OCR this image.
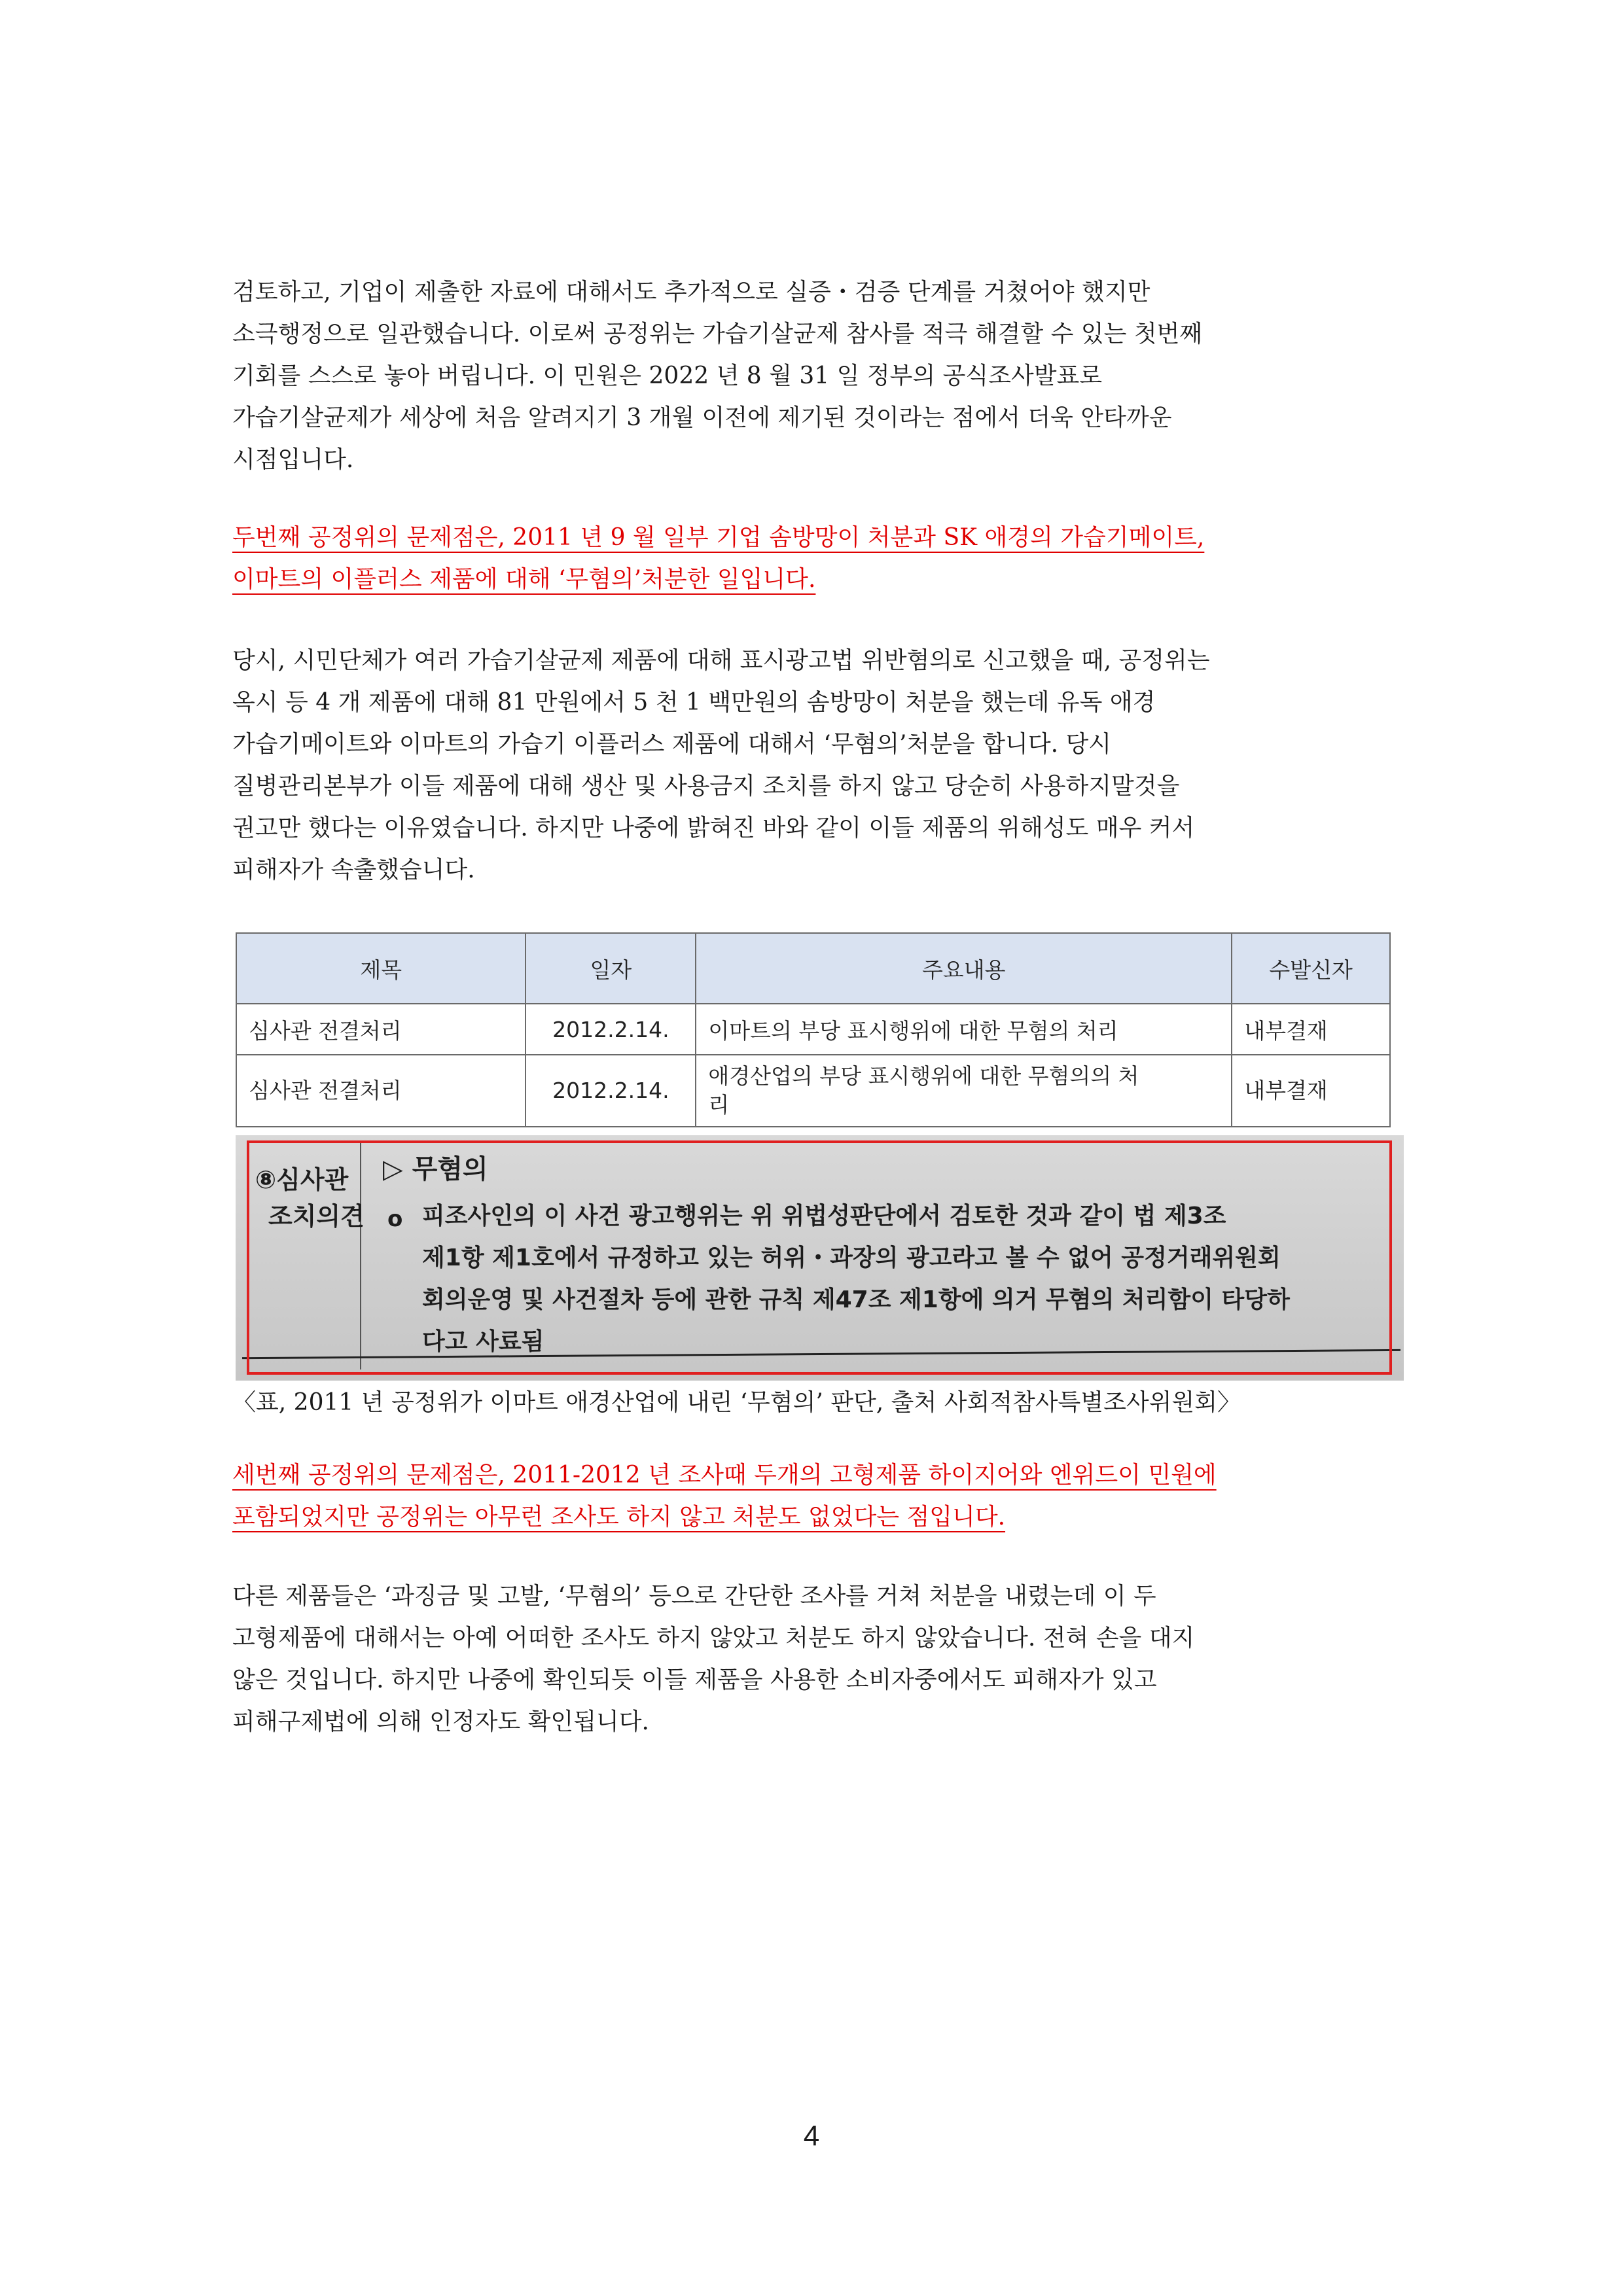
검토하고, 기업이 제출한 자료에 대해서도 추가적으로 실증・검증 단계를 거쳤어야 했지만
소극행정으로 일관했습니다. 이로써 공정위는 가습기살균제 참사를 적극 해결할 수 있는 첫번째
기회를 스스로 놓아 버립니다. 이 민원은 2022 년 8 월 31 일 정부의 공식조사발표로
가습기살균제가 세상에 처음 알려지기 3 개월 이전에 제기된 것이라는 점에서 더욱 안타까운
시점입니다.
두번째 공정위의 문제점은, 2011 년 9 월 일부 기업 솜방망이 처분과 SK 애경의 가습기메이트,
이마트의 이플러스 제품에 대해 ‘무혐의’처분한 일입니다.
당시, 시민단체가 여러 가습기살균제 제품에 대해 표시광고법 위반혐의로 신고했을 때, 공정위는
옥시 등 4 개 제품에 대해 81 만원에서 5 천 1 백만원의 솜방망이 처분을 했는데 유독 애경
가습기메이트와 이마트의 가습기 이플러스 제품에 대해서 ‘무혐의’처분을 합니다. 당시
질병관리본부가 이들 제품에 대해 생산 및 사용금지 조치를 하지 않고 당순히 사용하지말것을
권고만 했다는 이유였습니다. 하지만 나중에 밝혀진 바와 같이 이들 제품의 위해성도 매우 커서
피해자가 속출했습니다.
제목	일자	주요내용	수발신자
심사관 전결처리	2012.2.14.	이마트의 부당 표시행위에 대한 무혐의 처리	내부결재
심사관 전결처리	2012.2.14.	애경산업의 부당 표시행위에 대한 무혐의의 처
리	내부결재
⑧심사관
조치의견
▷ 무혐의
o 피조사인의 이 사건 광고행위는 위 위법성판단에서 검토한 것과 같이 법 제3조
제1항 제1호에서 규정하고 있는 허위・과장의 광고라고 볼 수 없어 공정거래위원회
회의운영 및 사건절차 등에 관한 규칙 제47조 제1항에 의거 무혐의 처리함이 타당하
다고 사료됨
〈표, 2011 년 공정위가 이마트 애경산업에 내린 ‘무혐의’ 판단, 출처 사회적참사특별조사위원회〉
세번째 공정위의 문제점은, 2011-2012 년 조사때 두개의 고형제품 하이지어와 엔위드이 민원에
포함되었지만 공정위는 아무런 조사도 하지 않고 처분도 없었다는 점입니다.
다른 제품들은 ‘과징금 및 고발, ‘무혐의’ 등으로 간단한 조사를 거쳐 처분을 내렸는데 이 두
고형제품에 대해서는 아예 어떠한 조사도 하지 않았고 처분도 하지 않았습니다. 전혀 손을 대지
않은 것입니다. 하지만 나중에 확인되듯 이들 제품을 사용한 소비자중에서도 피해자가 있고
피해구제법에 의해 인정자도 확인됩니다.
4
